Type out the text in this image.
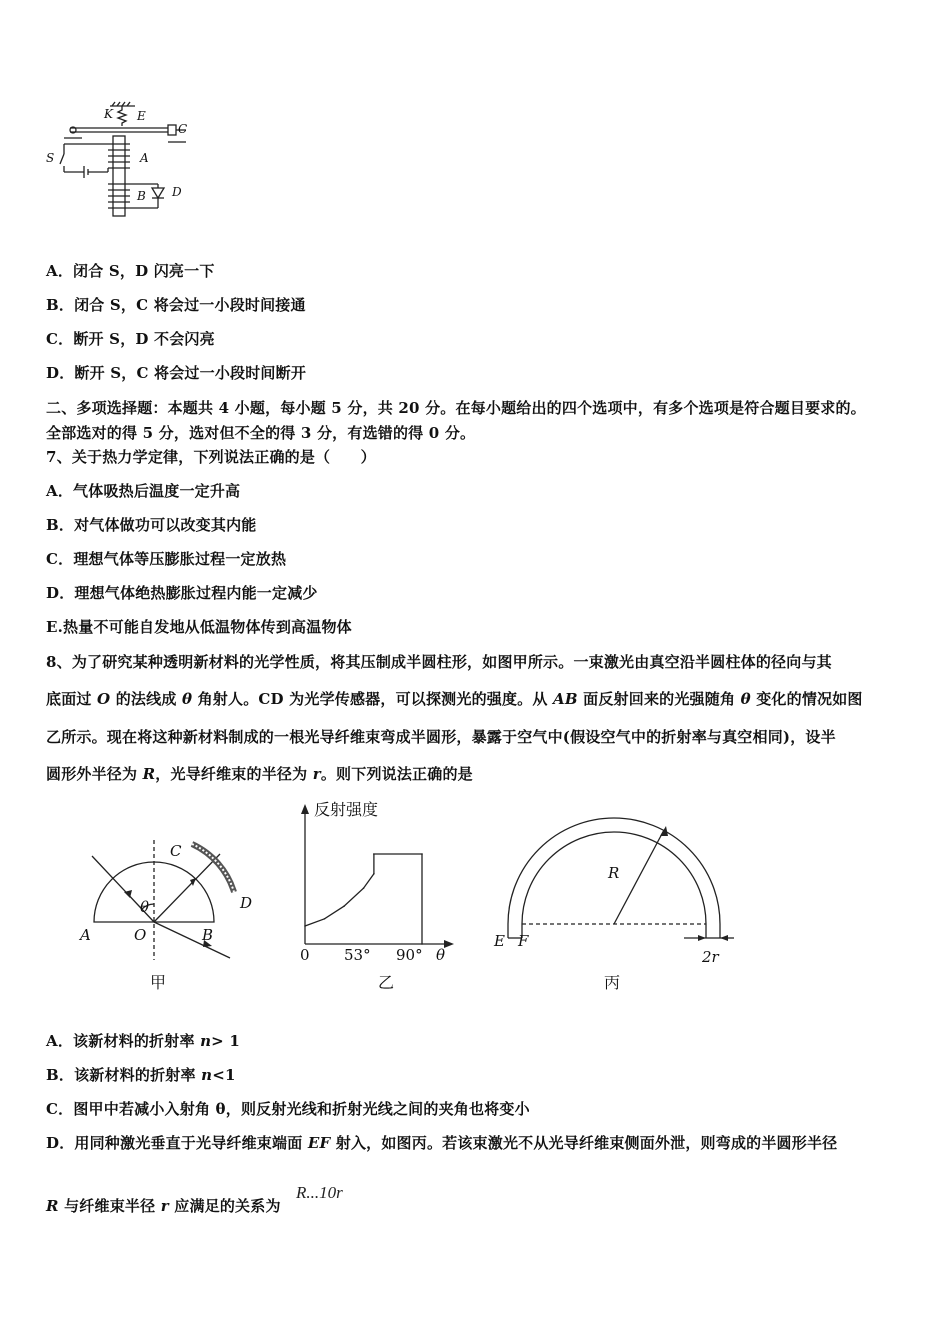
K E
C
S	A
B D
A．闭合 S，D 闪亮一下
B．闭合 S，C 将会过一小段时间接通
C．断开 S，D 不会闪亮
D．断开 S，C 将会过一小段时间断开
二、多项选择题：本题共 4 小题，每小题 5 分，共 20 分。在每小题给出的四个选项中，有多个选项是符合题目要求的。
全部选对的得 5 分，选对但不全的得 3 分，有选错的得 0 分。
7、关于热力学定律，下列说法正确的是（　　）
A．气体吸热后温度一定升高
B．对气体做功可以改变其内能
C．理想气体等压膨胀过程一定放热
D．理想气体绝热膨胀过程内能一定减少
E.热量不可能自发地从低温物体传到高温物体
8、为了研究某种透明新材料的光学性质，将其压制成半圆柱形，如图甲所示。一束激光由真空沿半圆柱体的径向与其
底面过 O 的法线成 θ 角射人。CD 为光学传感器，可以探测光的强度。从 AB 面反射回来的光强随角 θ 变化的情况如图
乙所示。现在将这种新材料制成的一根光导纤维束弯成半圆形，暴露于空气中(假设空气中的折射率与真空相同)，设半
圆形外半径为 R，光导纤维束的半径为 r。则下列说法正确的是
A	O	B
C
D
θ
甲
反射强度
0 53° 90° θ
乙
R
E F
2r
丙
A．该新材料的折射率 n> 1
B．该新材料的折射率 n<1
C．图甲中若减小入射角 θ，则反射光线和折射光线之间的夹角也将变小
D．用同种激光垂直于光导纤维束端面 EF 射入，如图丙。若该束激光不从光导纤维束侧面外泄，则弯成的半圆形半径
R 与纤维束半径 r 应满足的关系为
R...10r
